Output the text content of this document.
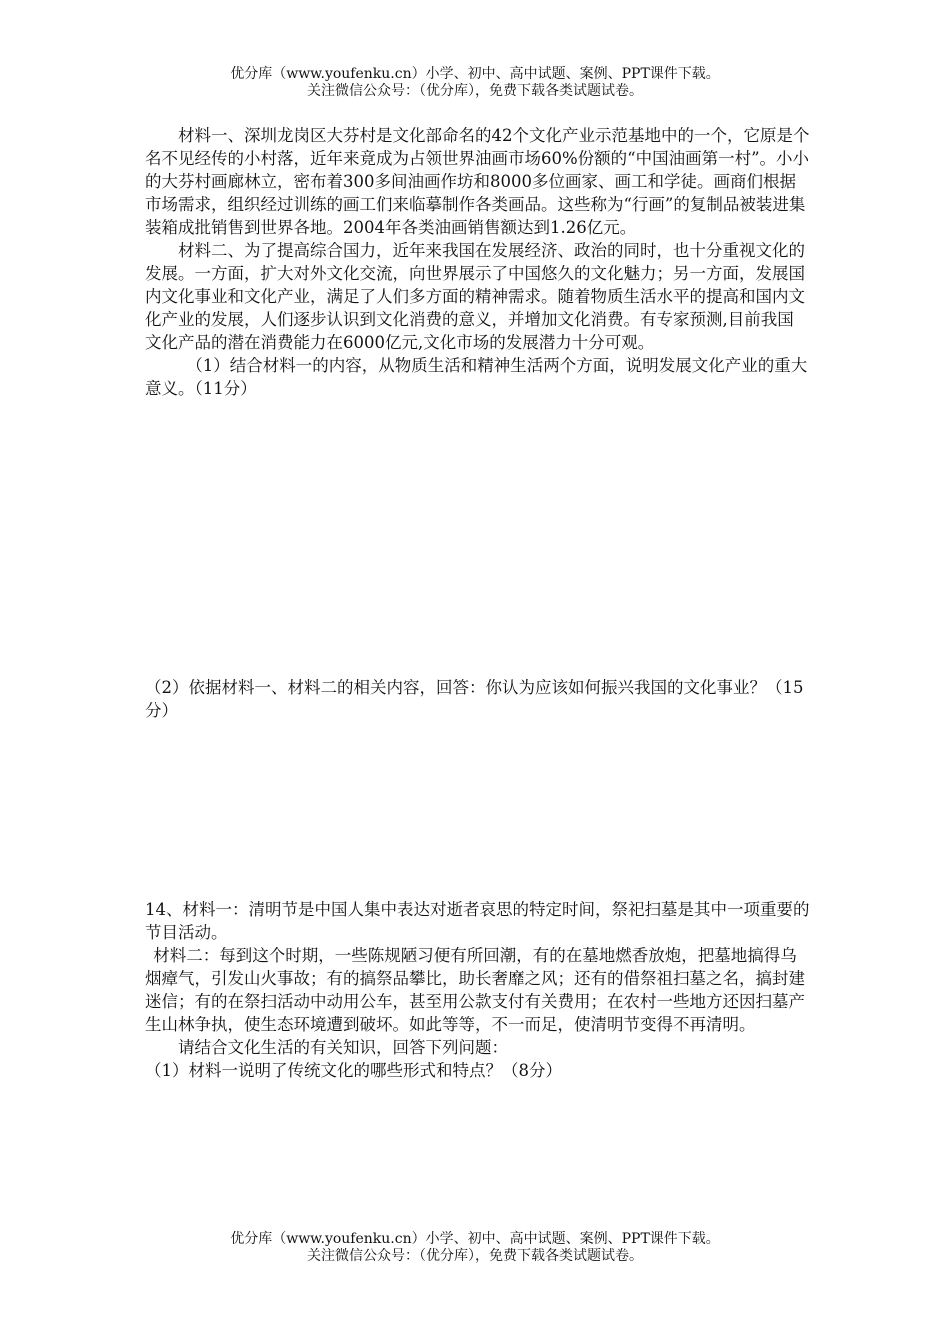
优分库（www.youfenku.cn）小学、初中、高中试题、案例、PPT课件下载。
关注微信公众号：（优分库），免费下载各类试题试卷。

材料一、深圳龙岗区大芬村是文化部命名的42个文化产业示范基地中的一个，它原是个名不见经传的小村落，近年来竟成为占领世界油画市场60%份额的“中国油画第一村”。小小的大芬村画廊林立，密布着300多间油画作坊和8000多位画家、画工和学徒。画商们根据市场需求，组织经过训练的画工们来临摹制作各类画品。这些称为“行画”的复制品被装进集装箱成批销售到世界各地。2004年各类油画销售额达到1.26亿元。

材料二、为了提高综合国力，近年来我国在发展经济、政治的同时，也十分重视文化的发展。一方面，扩大对外文化交流，向世界展示了中国悠久的文化魅力；另一方面，发展国内文化事业和文化产业，满足了人们多方面的精神需求。随着物质生活水平的提高和国内文化产业的发展，人们逐步认识到文化消费的意义，并增加文化消费。有专家预测,目前我国文化产品的潜在消费能力在6000亿元,文化市场的发展潜力十分可观。

（1）结合材料一的内容，从物质生活和精神生活两个方面，说明发展文化产业的重大意义。（11分）

（2）依据材料一、材料二的相关内容，回答：你认为应该如何振兴我国的文化事业？（15分）

14、材料一：清明节是中国人集中表达对逝者哀思的特定时间，祭祀扫墓是其中一项重要的节目活动。

材料二：每到这个时期，一些陈规陋习便有所回潮，有的在墓地燃香放炮，把墓地搞得乌烟瘴气，引发山火事故；有的搞祭品攀比，助长奢靡之风；还有的借祭祖扫墓之名，搞封建迷信；有的在祭扫活动中动用公车，甚至用公款支付有关费用；在农村一些地方还因扫墓产生山林争执，使生态环境遭到破坏。如此等等，不一而足，使清明节变得不再清明。

请结合文化生活的有关知识，回答下列问题：

（1）材料一说明了传统文化的哪些形式和特点？（8分）

优分库（www.youfenku.cn）小学、初中、高中试题、案例、PPT课件下载。
关注微信公众号：（优分库），免费下载各类试题试卷。
